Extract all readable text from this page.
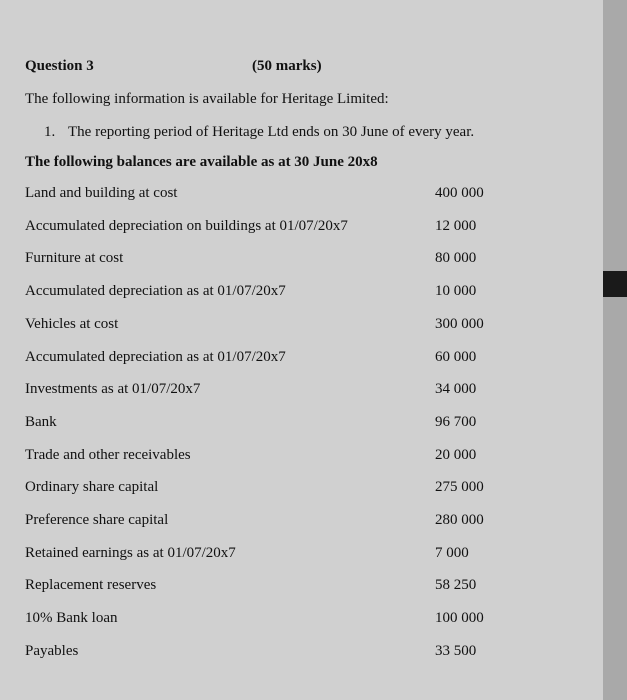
Question 3	(50 marks)
The following information is available for Heritage Limited:
1. The reporting period of Heritage Ltd ends on 30 June of every year.
The following balances are available as at 30 June 20x8
Land and building at cost	400 000
Accumulated depreciation on buildings at 01/07/20x7	12 000
Furniture at cost	80 000
Accumulated depreciation as at 01/07/20x7	10 000
Vehicles at cost	300 000
Accumulated depreciation as at 01/07/20x7	60 000
Investments as at 01/07/20x7	34 000
Bank	96 700
Trade and other receivables	20 000
Ordinary share capital	275 000
Preference share capital	280 000
Retained earnings as at 01/07/20x7	7 000
Replacement reserves	58 250
10% Bank loan	100 000
Payables	33 500
